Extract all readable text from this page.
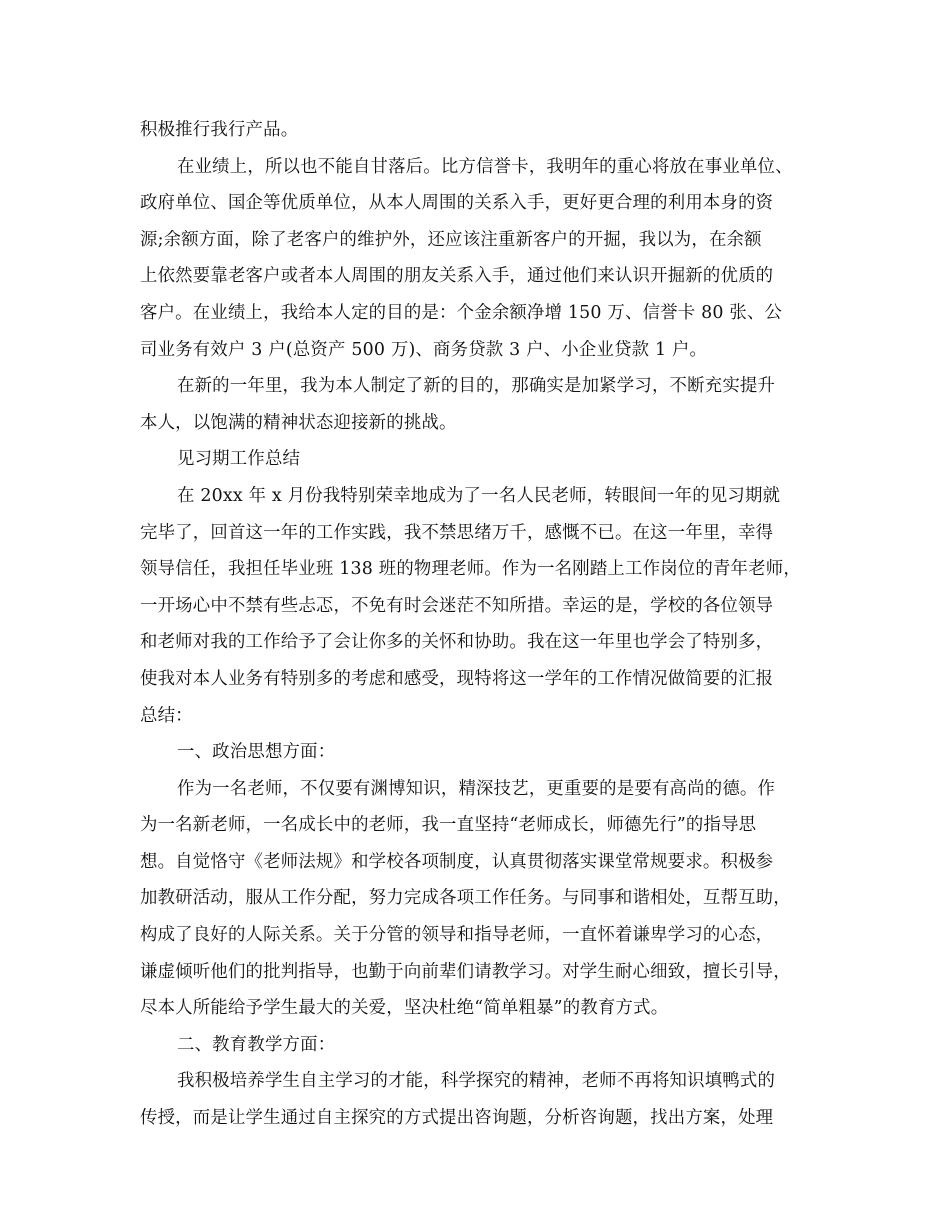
积极推行我行产品。
在业绩上，所以也不能自甘落后。比方信誉卡，我明年的重心将放在事业单位、
政府单位、国企等优质单位，从本人周围的关系入手，更好更合理的利用本身的资
源;余额方面，除了老客户的维护外，还应该注重新客户的开掘，我以为，在余额
上依然要靠老客户或者本人周围的朋友关系入手，通过他们来认识开掘新的优质的
客户。在业绩上，我给本人定的目的是：个金余额净增 150 万、信誉卡 80 张、公
司业务有效户 3 户(总资产 500 万)、商务贷款 3 户、小企业贷款 1 户。
在新的一年里，我为本人制定了新的目的，那确实是加紧学习，不断充实提升
本人，以饱满的精神状态迎接新的挑战。
见习期工作总结
在 20xx 年 x 月份我特别荣幸地成为了一名人民老师，转眼间一年的见习期就
完毕了，回首这一年的工作实践，我不禁思绪万千，感慨不已。在这一年里，幸得
领导信任，我担任毕业班 138 班的物理老师。作为一名刚踏上工作岗位的青年老师，
一开场心中不禁有些忐忑，不免有时会迷茫不知所措。幸运的是，学校的各位领导
和老师对我的工作给予了会让你多的关怀和协助。我在这一年里也学会了特别多，
使我对本人业务有特别多的考虑和感受，现特将这一学年的工作情况做简要的汇报
总结：
一、政治思想方面：
作为一名老师，不仅要有渊博知识，精深技艺，更重要的是要有高尚的德。作
为一名新老师，一名成长中的老师，我一直坚持“老师成长，师德先行”的指导思
想。自觉恪守《老师法规》和学校各项制度，认真贯彻落实课堂常规要求。积极参
加教研活动，服从工作分配，努力完成各项工作任务。与同事和谐相处，互帮互助，
构成了良好的人际关系。关于分管的领导和指导老师，一直怀着谦卑学习的心态，
谦虚倾听他们的批判指导，也勤于向前辈们请教学习。对学生耐心细致，擅长引导，
尽本人所能给予学生最大的关爱，坚决杜绝“简单粗暴”的教育方式。
二、教育教学方面：
我积极培养学生自主学习的才能，科学探究的精神，老师不再将知识填鸭式的
传授，而是让学生通过自主探究的方式提出咨询题，分析咨询题，找出方案，处理
